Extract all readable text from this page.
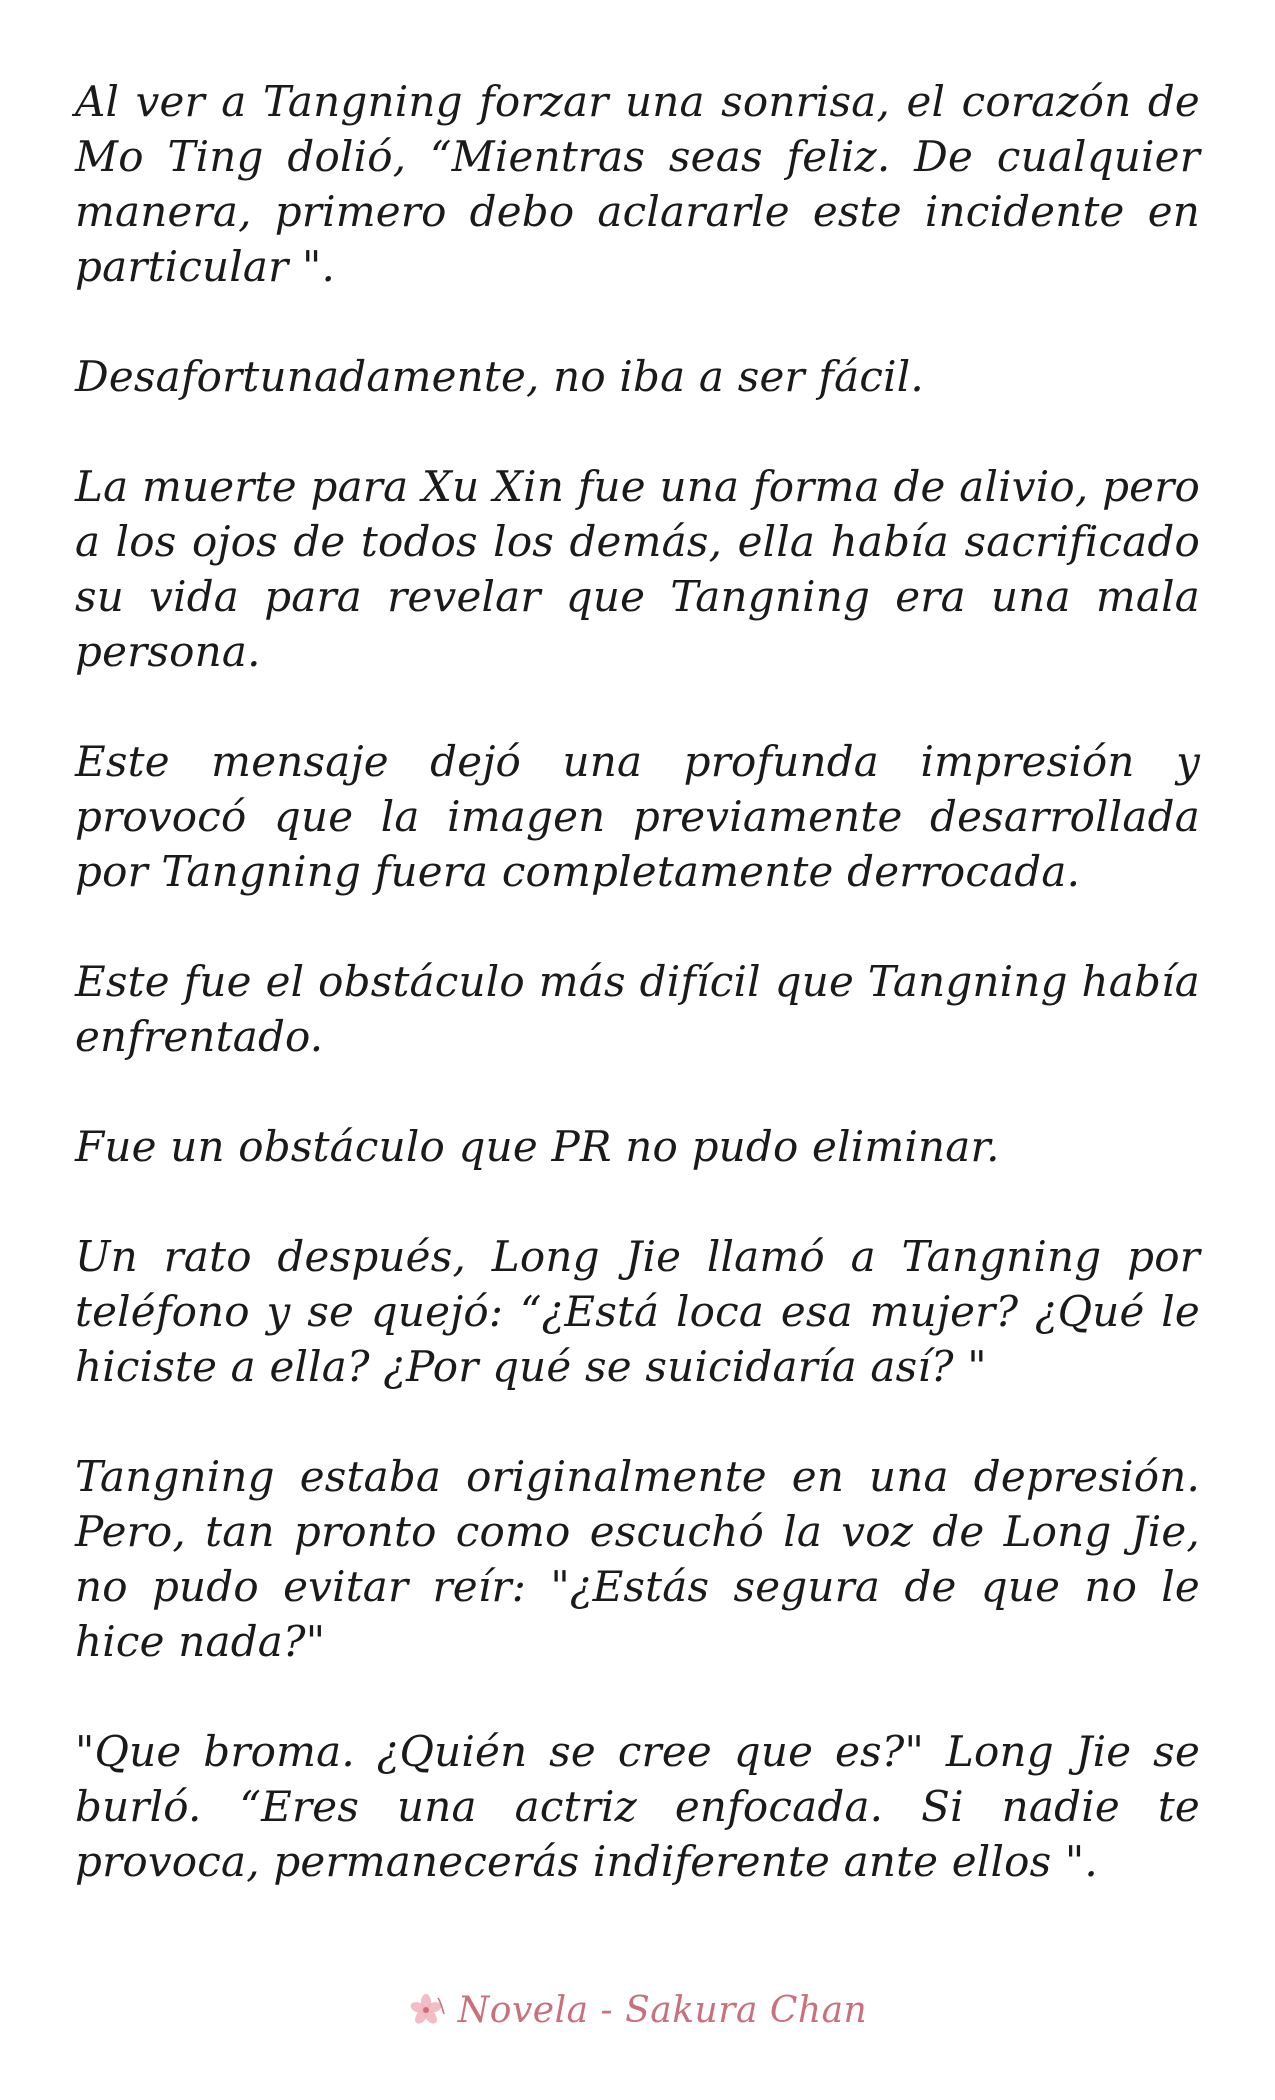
Al ver a Tangning forzar una sonrisa, el corazón de Mo Ting dolió, “Mientras seas feliz. De cualquier manera, primero debo aclararle este incidente en particular ".

Desafortunadamente, no iba a ser fácil.

La muerte para Xu Xin fue una forma de alivio, pero a los ojos de todos los demás, ella había sacrificado su vida para revelar que Tangning era una mala persona.

Este mensaje dejó una profunda impresión y provocó que la imagen previamente desarrollada por Tangning fuera completamente derrocada.

Este fue el obstáculo más difícil que Tangning había enfrentado.

Fue un obstáculo que PR no pudo eliminar.

Un rato después, Long Jie llamó a Tangning por teléfono y se quejó: “¿Está loca esa mujer? ¿Qué le hiciste a ella? ¿Por qué se suicidaría así? "

Tangning estaba originalmente en una depresión. Pero, tan pronto como escuchó la voz de Long Jie, no pudo evitar reír: "¿Estás segura de que no le hice nada?"

"Que broma. ¿Quién se cree que es?" Long Jie se burló. “Eres una actriz enfocada. Si nadie te provoca, permanecerás indiferente ante ellos ".

Novela - Sakura Chan
